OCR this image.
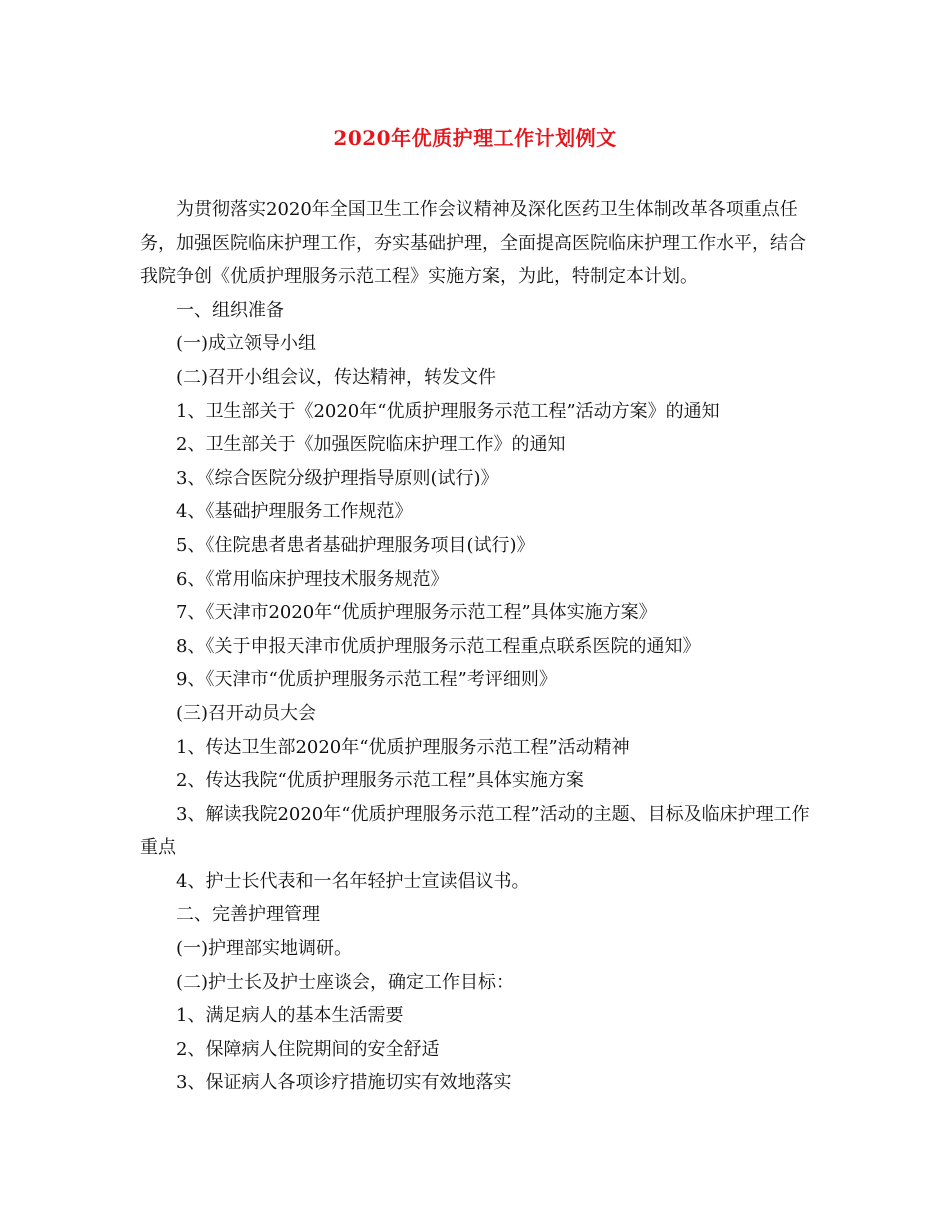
2020年优质护理工作计划例文

为贯彻落实2020年全国卫生工作会议精神及深化医药卫生体制改革各项重点任务，加强医院临床护理工作，夯实基础护理，全面提高医院临床护理工作水平，结合我院争创《优质护理服务示范工程》实施方案，为此，特制定本计划。

一、组织准备

(一)成立领导小组

(二)召开小组会议，传达精神，转发文件

1、卫生部关于《2020年“优质护理服务示范工程”活动方案》的通知

2、卫生部关于《加强医院临床护理工作》的通知

3、《综合医院分级护理指导原则(试行)》

4、《基础护理服务工作规范》

5、《住院患者患者基础护理服务项目(试行)》

6、《常用临床护理技术服务规范》

7、《天津市2020年“优质护理服务示范工程”具体实施方案》

8、《关于申报天津市优质护理服务示范工程重点联系医院的通知》

9、《天津市“优质护理服务示范工程”考评细则》

(三)召开动员大会

1、传达卫生部2020年“优质护理服务示范工程”活动精神

2、传达我院“优质护理服务示范工程”具体实施方案

3、解读我院2020年“优质护理服务示范工程”活动的主题、目标及临床护理工作重点

4、护士长代表和一名年轻护士宣读倡议书。

二、完善护理管理

(一)护理部实地调研。

(二)护士长及护士座谈会，确定工作目标：

1、满足病人的基本生活需要

2、保障病人住院期间的安全舒适

3、保证病人各项诊疗措施切实有效地落实
